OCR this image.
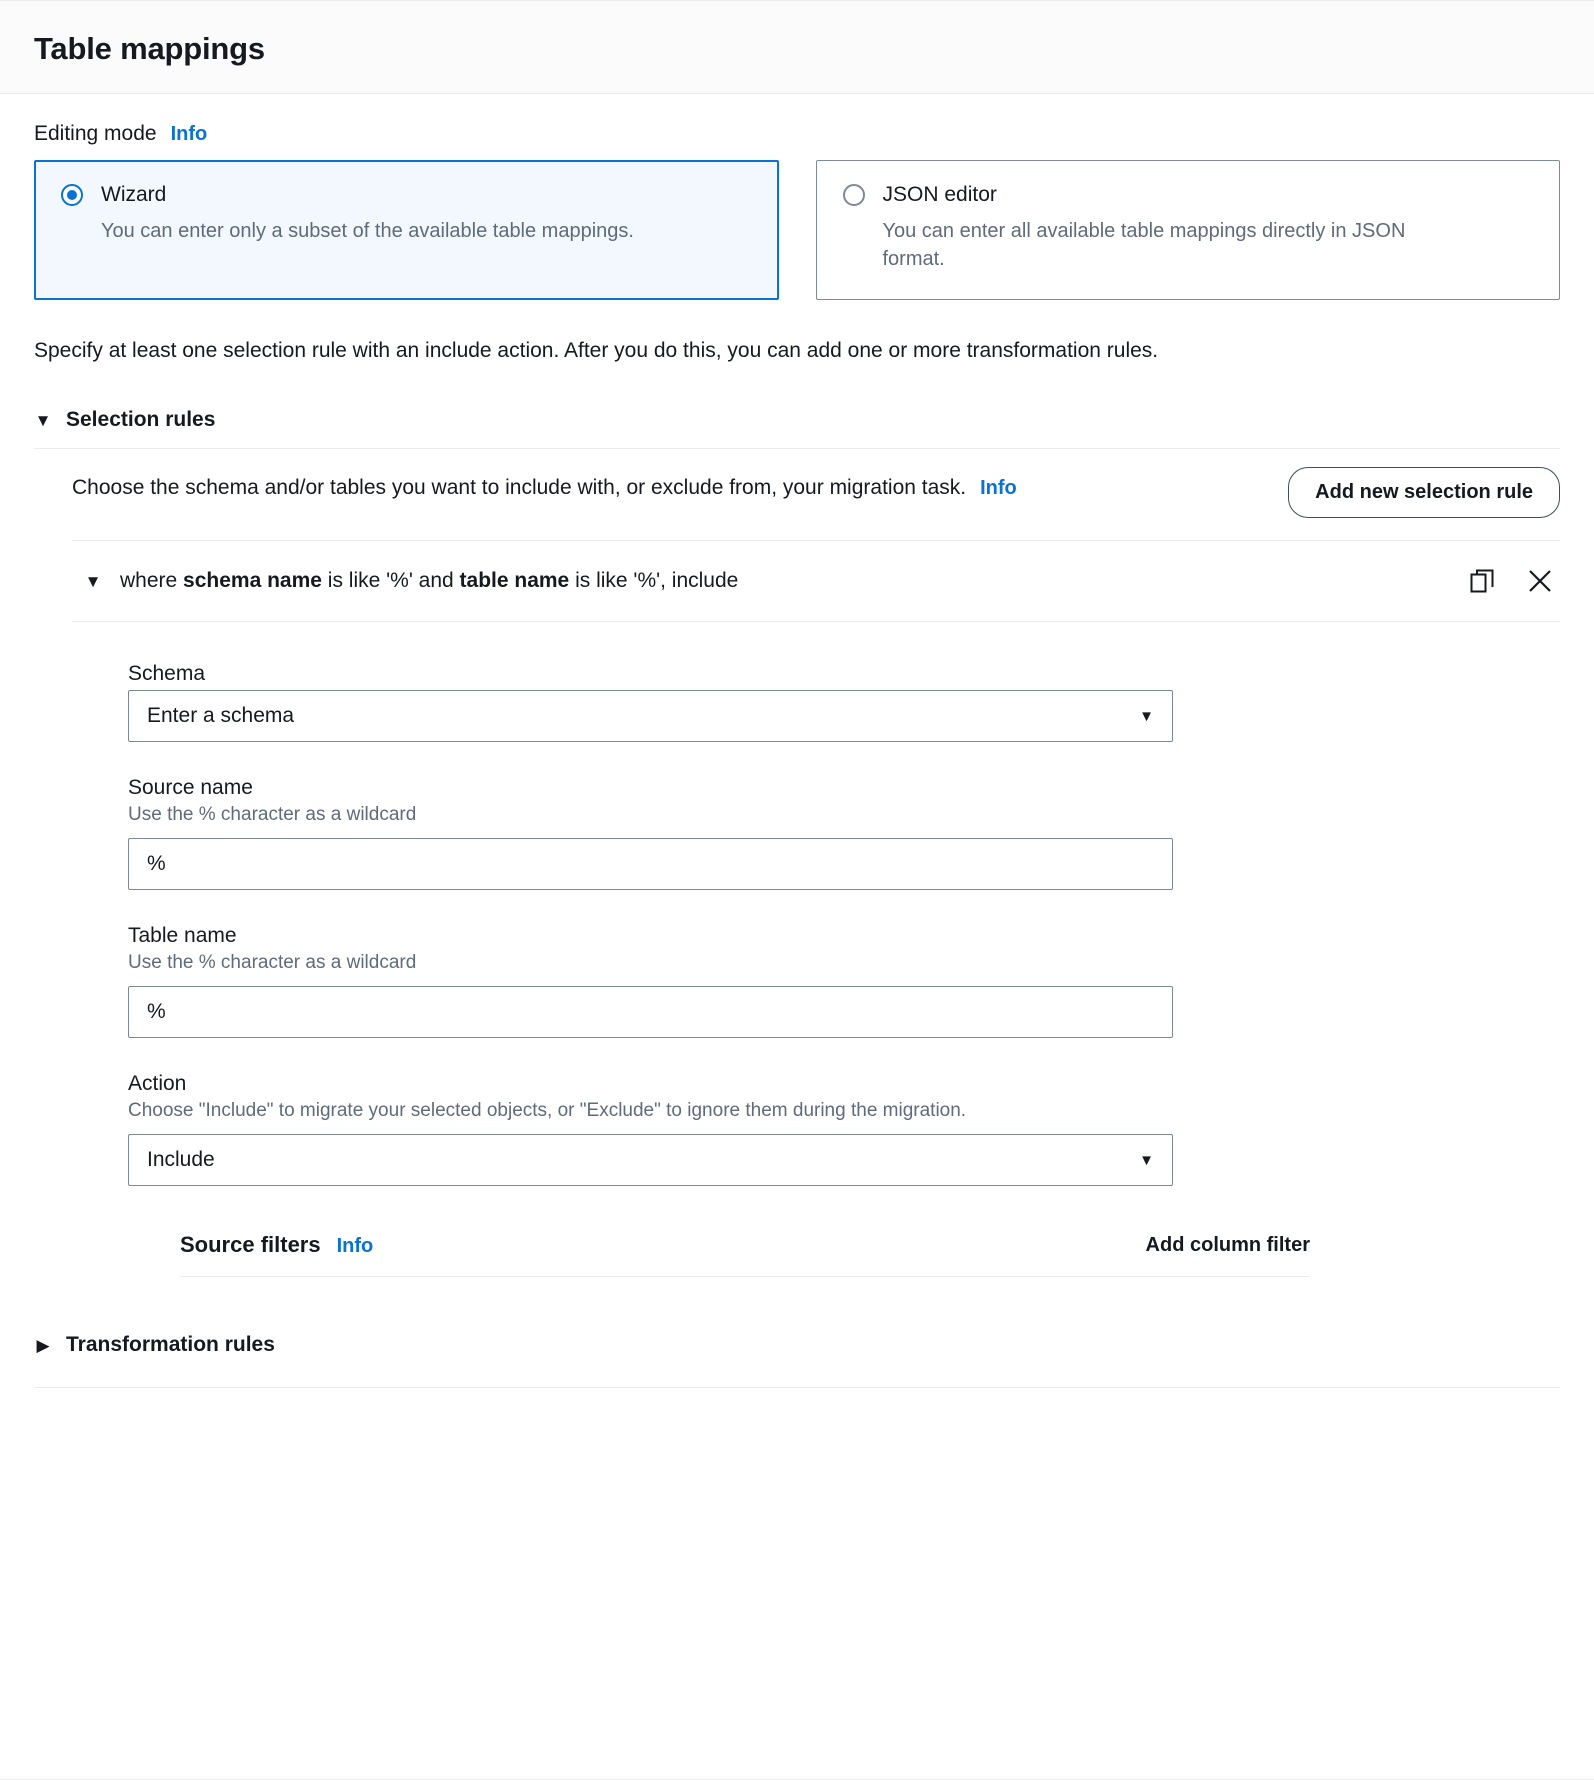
Table mappings
Editing mode Info
Wizard
You can enter only a subset of the available table mappings.
JSON editor
You can enter all available table mappings directly in JSON format.

Specify at least one selection rule with an include action. After you do this, you can add one or more transformation rules.

▼ Selection rules
Choose the schema and/or tables you want to include with, or exclude from, your migration task. Info	Add new selection rule
▼ where schema name is like '%' and table name is like '%', include
Schema
Enter a schema	▼
Source name
Use the % character as a wildcard
%
Table name
Use the % character as a wildcard
%
Action
Choose "Include" to migrate your selected objects, or "Exclude" to ignore them during the migration.
Include	▼
Source filters Info	Add column filter
▶ Transformation rules
